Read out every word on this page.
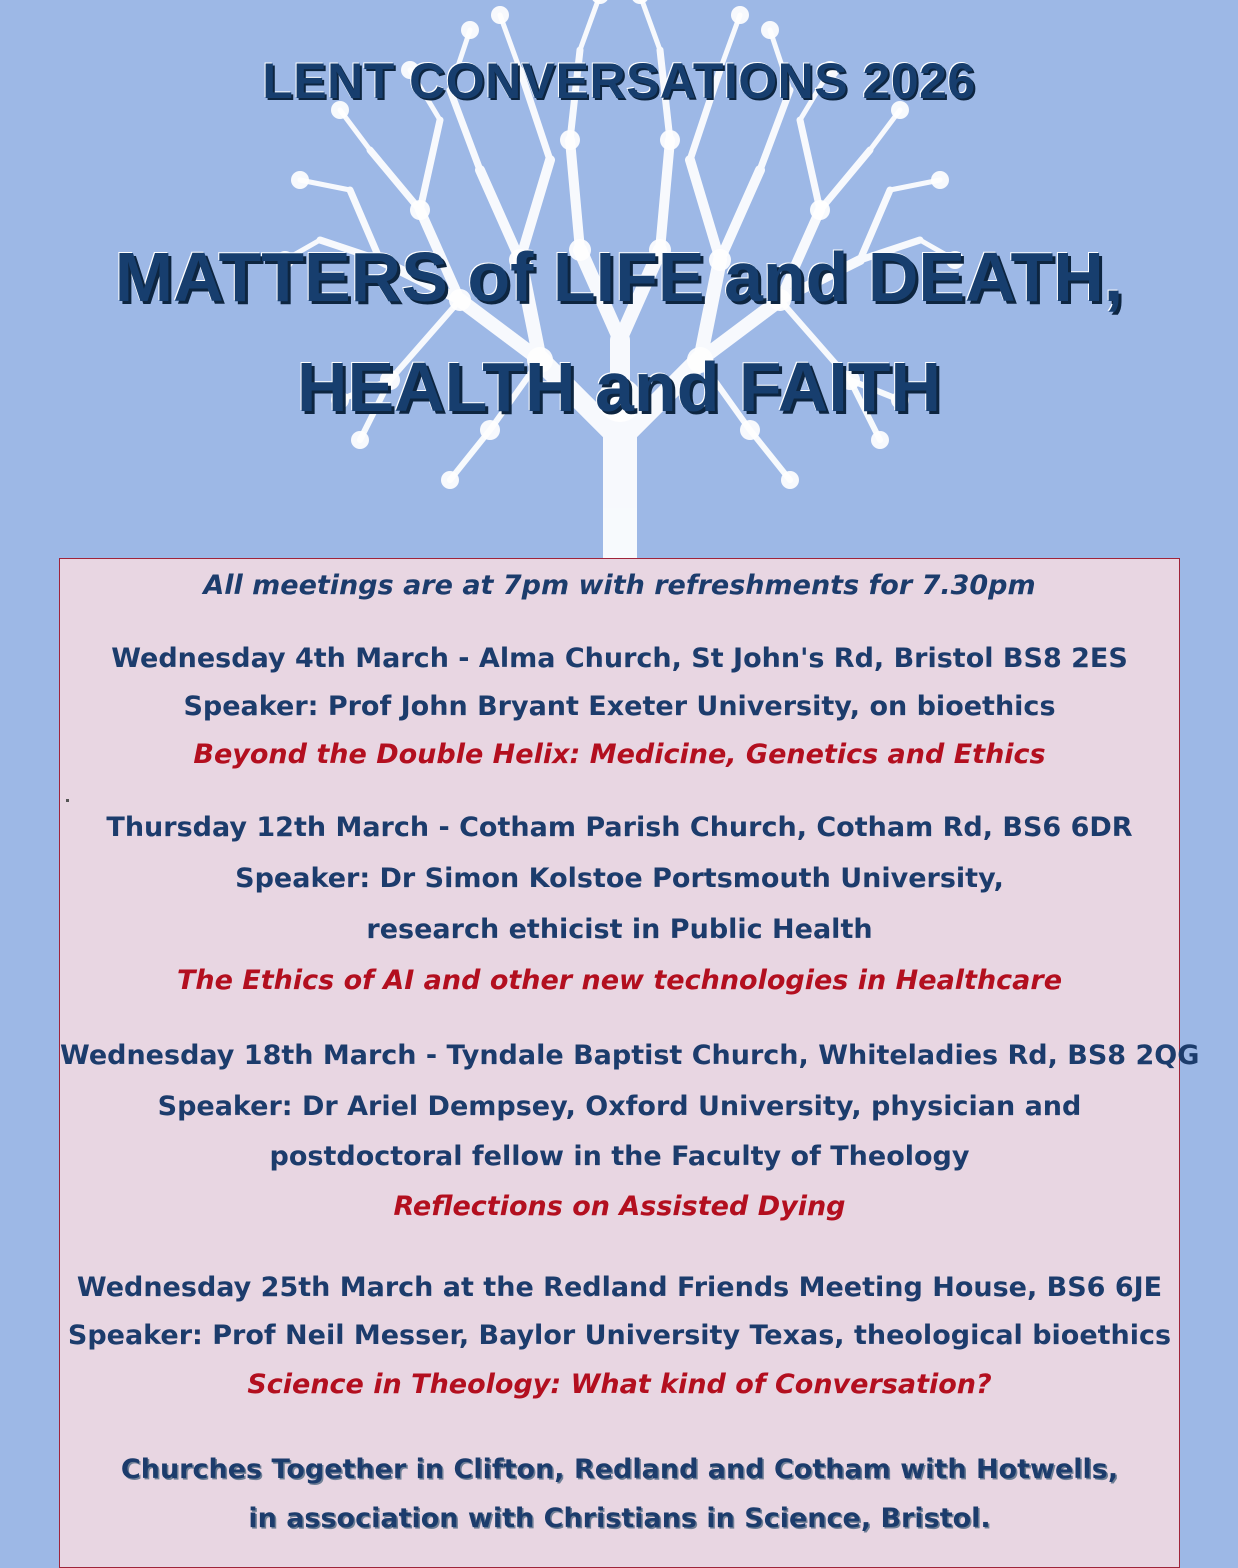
LENT CONVERSATIONS 2026
MATTERS of LIFE and DEATH,
HEALTH and FAITH
All meetings are at 7pm with refreshments for 7.30pm
Wednesday 4th March - Alma Church, St John's Rd, Bristol BS8 2ES
Speaker: Prof John Bryant Exeter University, on bioethics
Beyond the Double Helix: Medicine, Genetics and Ethics
Thursday 12th March - Cotham Parish Church, Cotham Rd, BS6 6DR
Speaker: Dr Simon Kolstoe Portsmouth University,
research ethicist in Public Health
The Ethics of AI and other new technologies in Healthcare
Wednesday 18th March - Tyndale Baptist Church, Whiteladies Rd, BS8 2QG
Speaker: Dr Ariel Dempsey, Oxford University, physician and
postdoctoral fellow in the Faculty of Theology
Reflections on Assisted Dying
Wednesday 25th March at the Redland Friends Meeting House, BS6 6JE
Speaker: Prof Neil Messer, Baylor University Texas, theological bioethics
Science in Theology: What kind of Conversation?
Churches Together in Clifton, Redland and Cotham with Hotwells,
in association with Christians in Science, Bristol.
